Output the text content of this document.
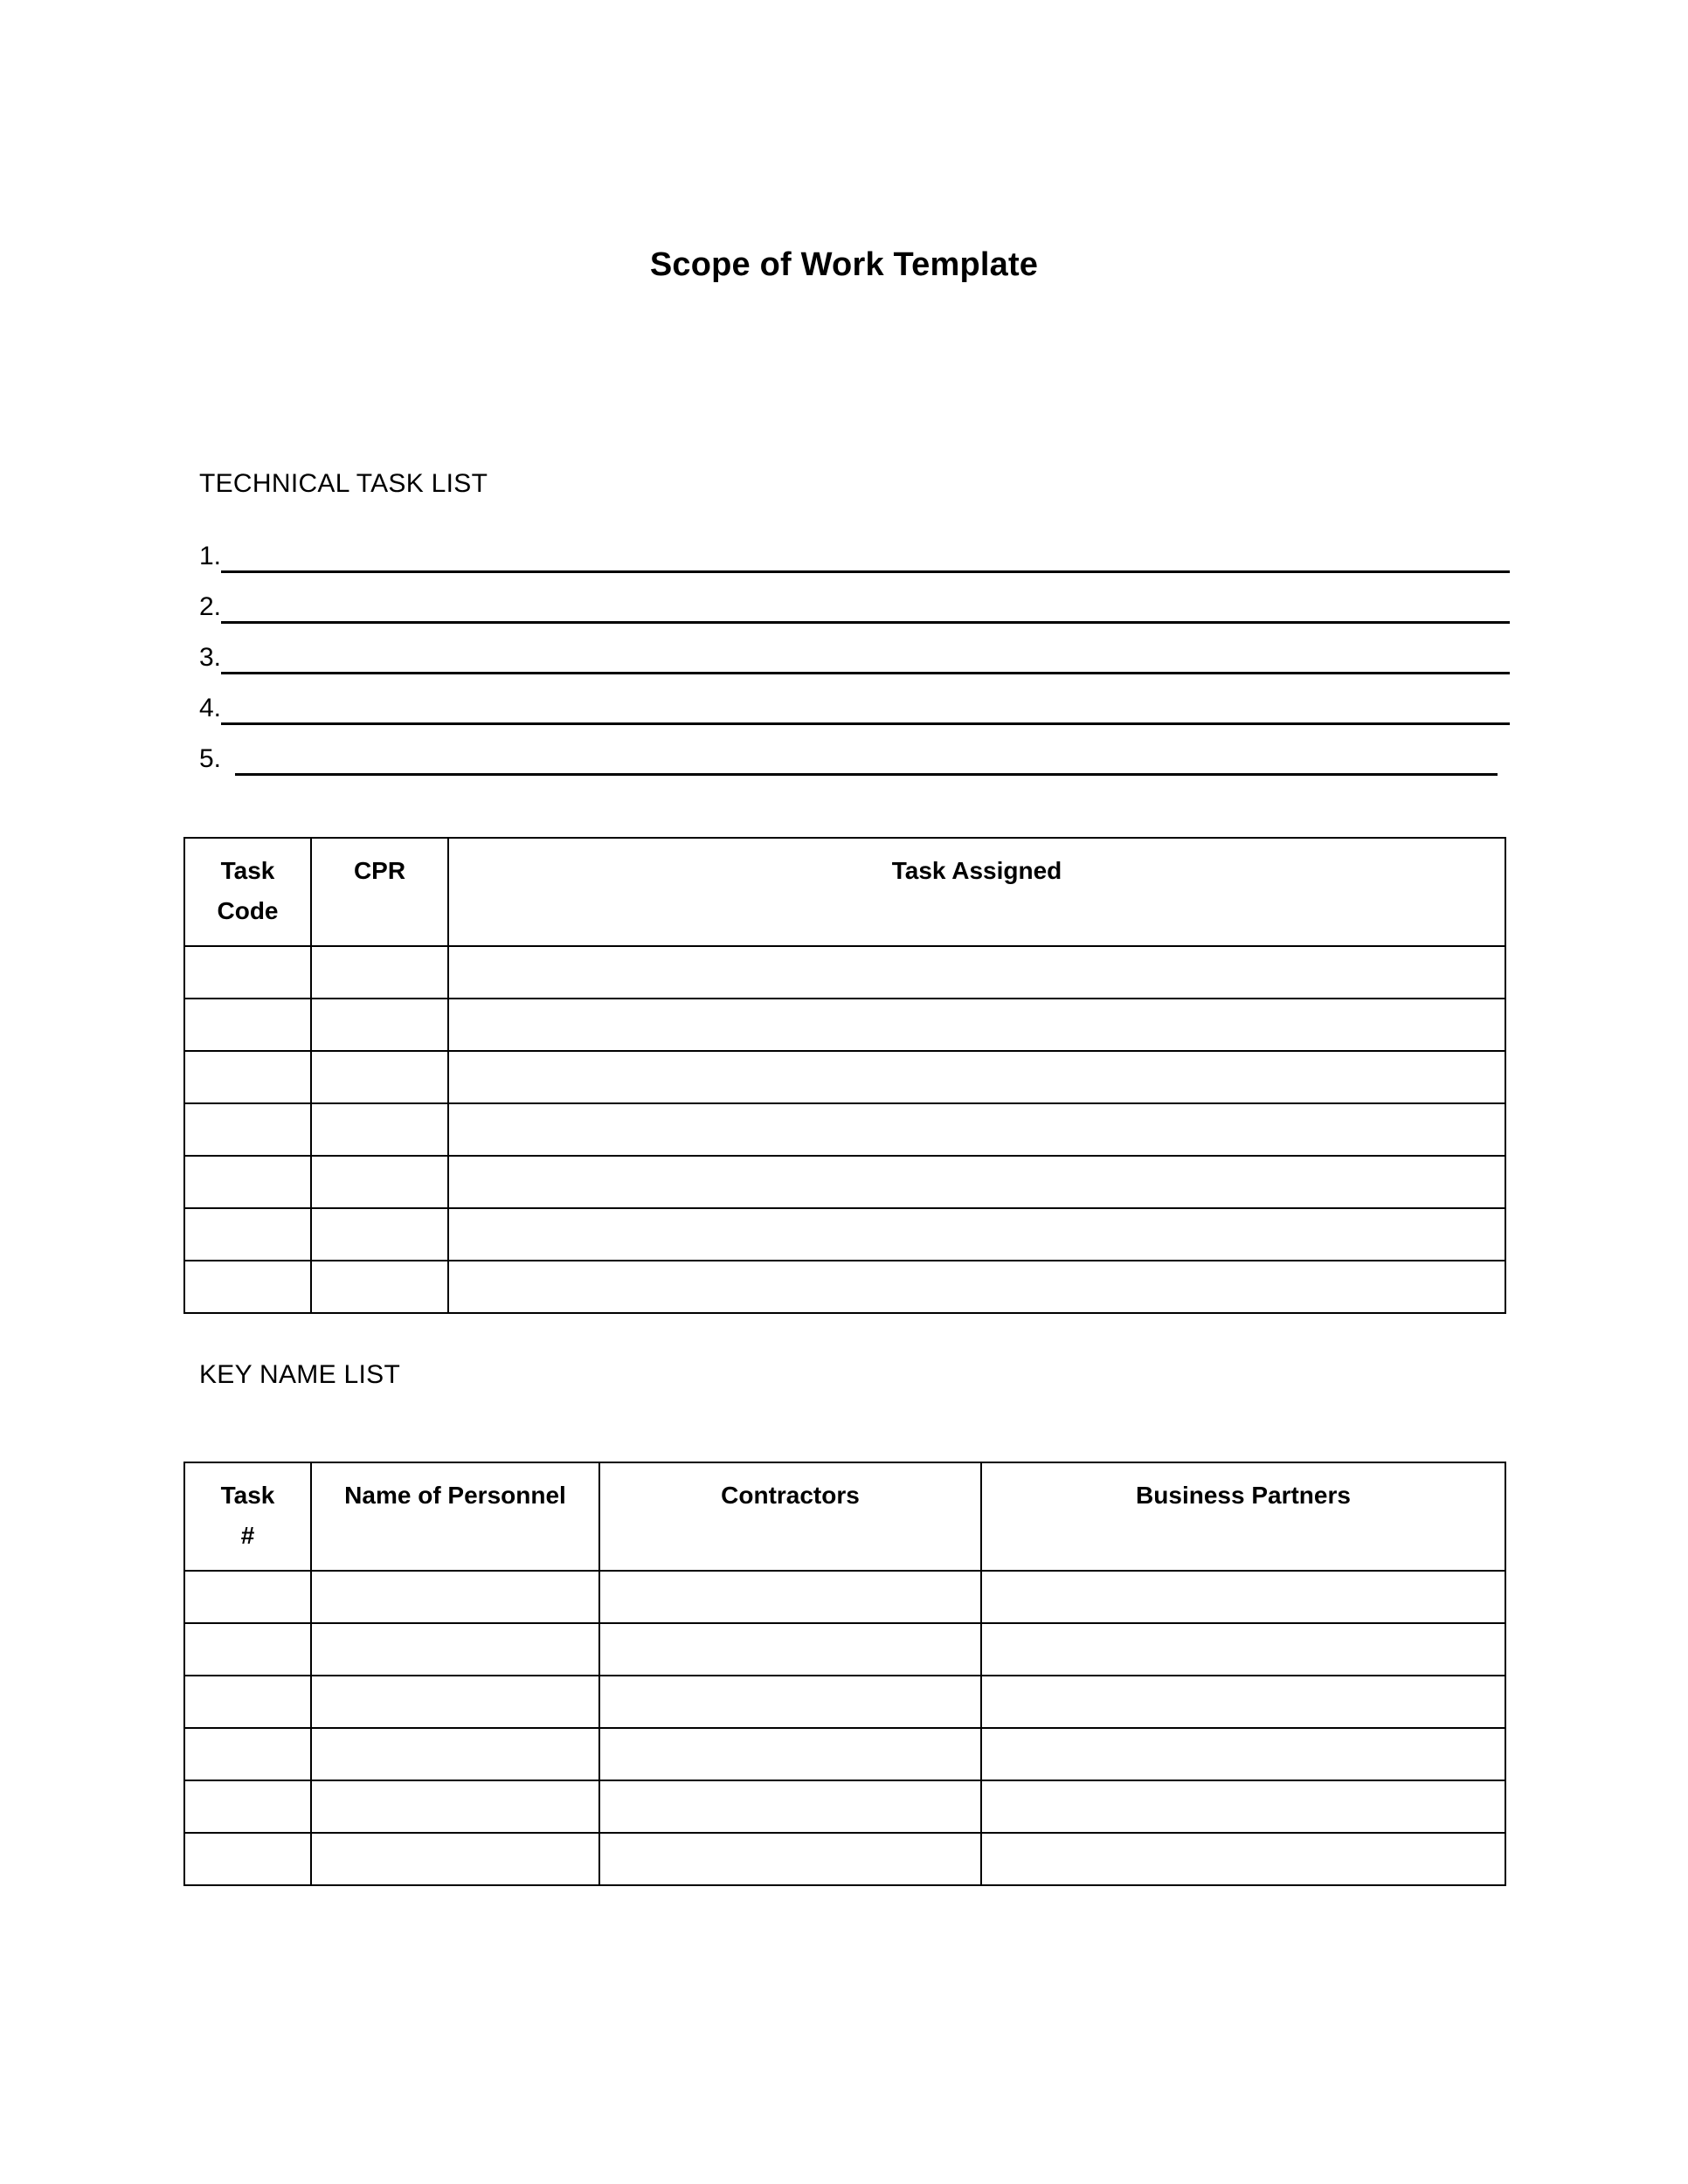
Scope of Work Template
TECHNICAL TASK LIST
1.
2.
3.
4.
5.
Task
Code	CPR	Task Assigned

KEY NAME LIST
Task
#	Name of Personnel	Contractors	Business Partners
